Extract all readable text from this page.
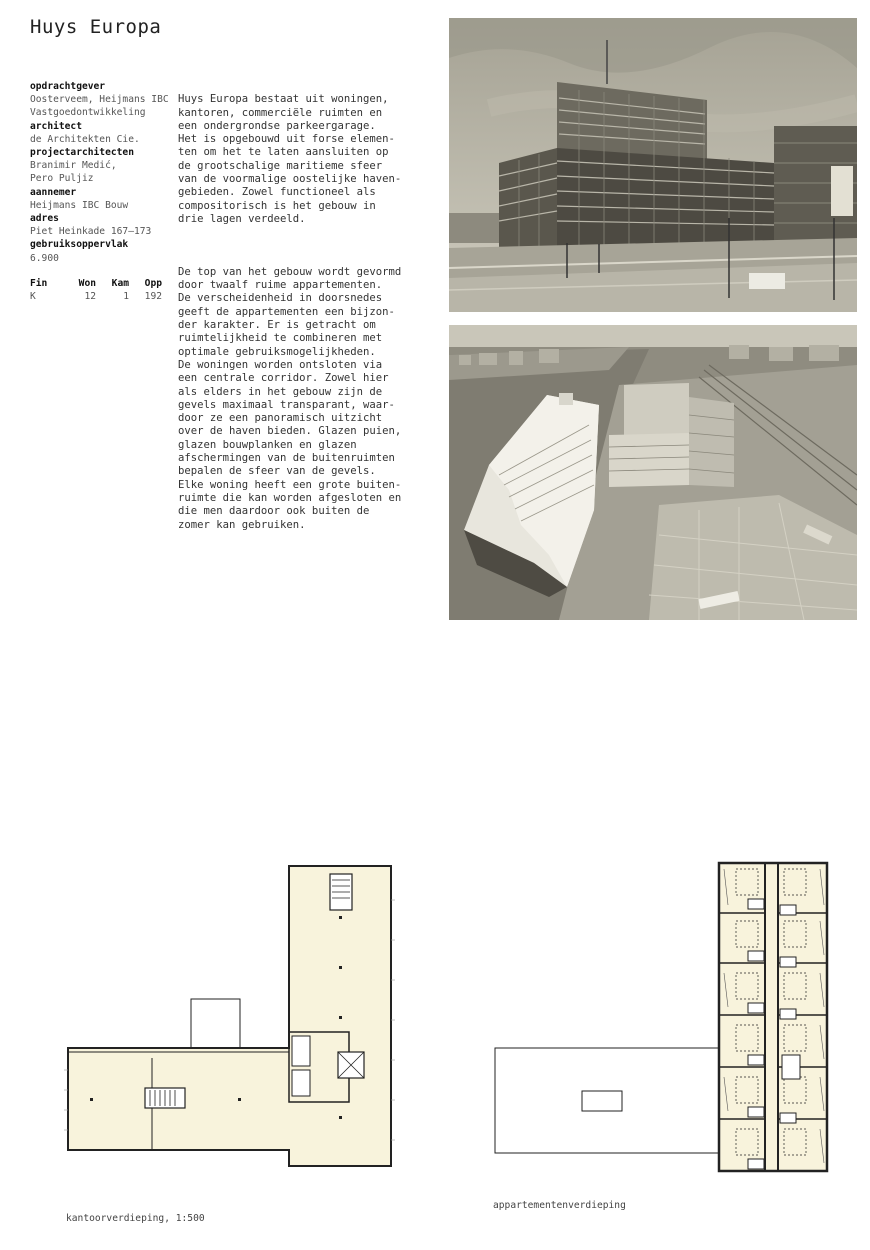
Huys Europa
opdrachtgever
Oosterveem, Heijmans IBC
Vastgoedontwikkeling
architect
de Architekten Cie.
projectarchitecten
Branimir Medić,
Pero Puljiz
aannemer
Heijmans IBC Bouw
adres
Piet Heinkade 167–173
gebruiksoppervlak
6.900
Fin	Won	Kam	Opp
K	12	1	192

Huys Europa bestaat uit woningen,
kantoren, commerciële ruimten en
een ondergrondse parkeergarage.
Het is opgebouwd uit forse elemen-
ten om het te laten aansluiten op
de grootschalige maritieme sfeer
van de voormalige oostelijke haven-
gebieden. Zowel functioneel als
compositorisch is het gebouw in
drie lagen verdeeld.

De top van het gebouw wordt gevormd
door twaalf ruime appartementen.
De verscheidenheid in doorsnedes
geeft de appartementen een bijzon-
der karakter. Er is getracht om
ruimtelijkheid te combineren met
optimale gebruiksmogelijkheden.
De woningen worden ontsloten via
een centrale corridor. Zowel hier
als elders in het gebouw zijn de
gevels maximaal transparant, waar-
door ze een panoramisch uitzicht
over de haven bieden. Glazen puien,
glazen bouwplanken en glazen
afschermingen van de buitenruimten
bepalen de sfeer van de gevels.
Elke woning heeft een grote buiten-
ruimte die kan worden afgesloten en
die men daardoor ook buiten de
zomer kan gebruiken.

kantoorverdieping, 1:500
appartementenverdieping
